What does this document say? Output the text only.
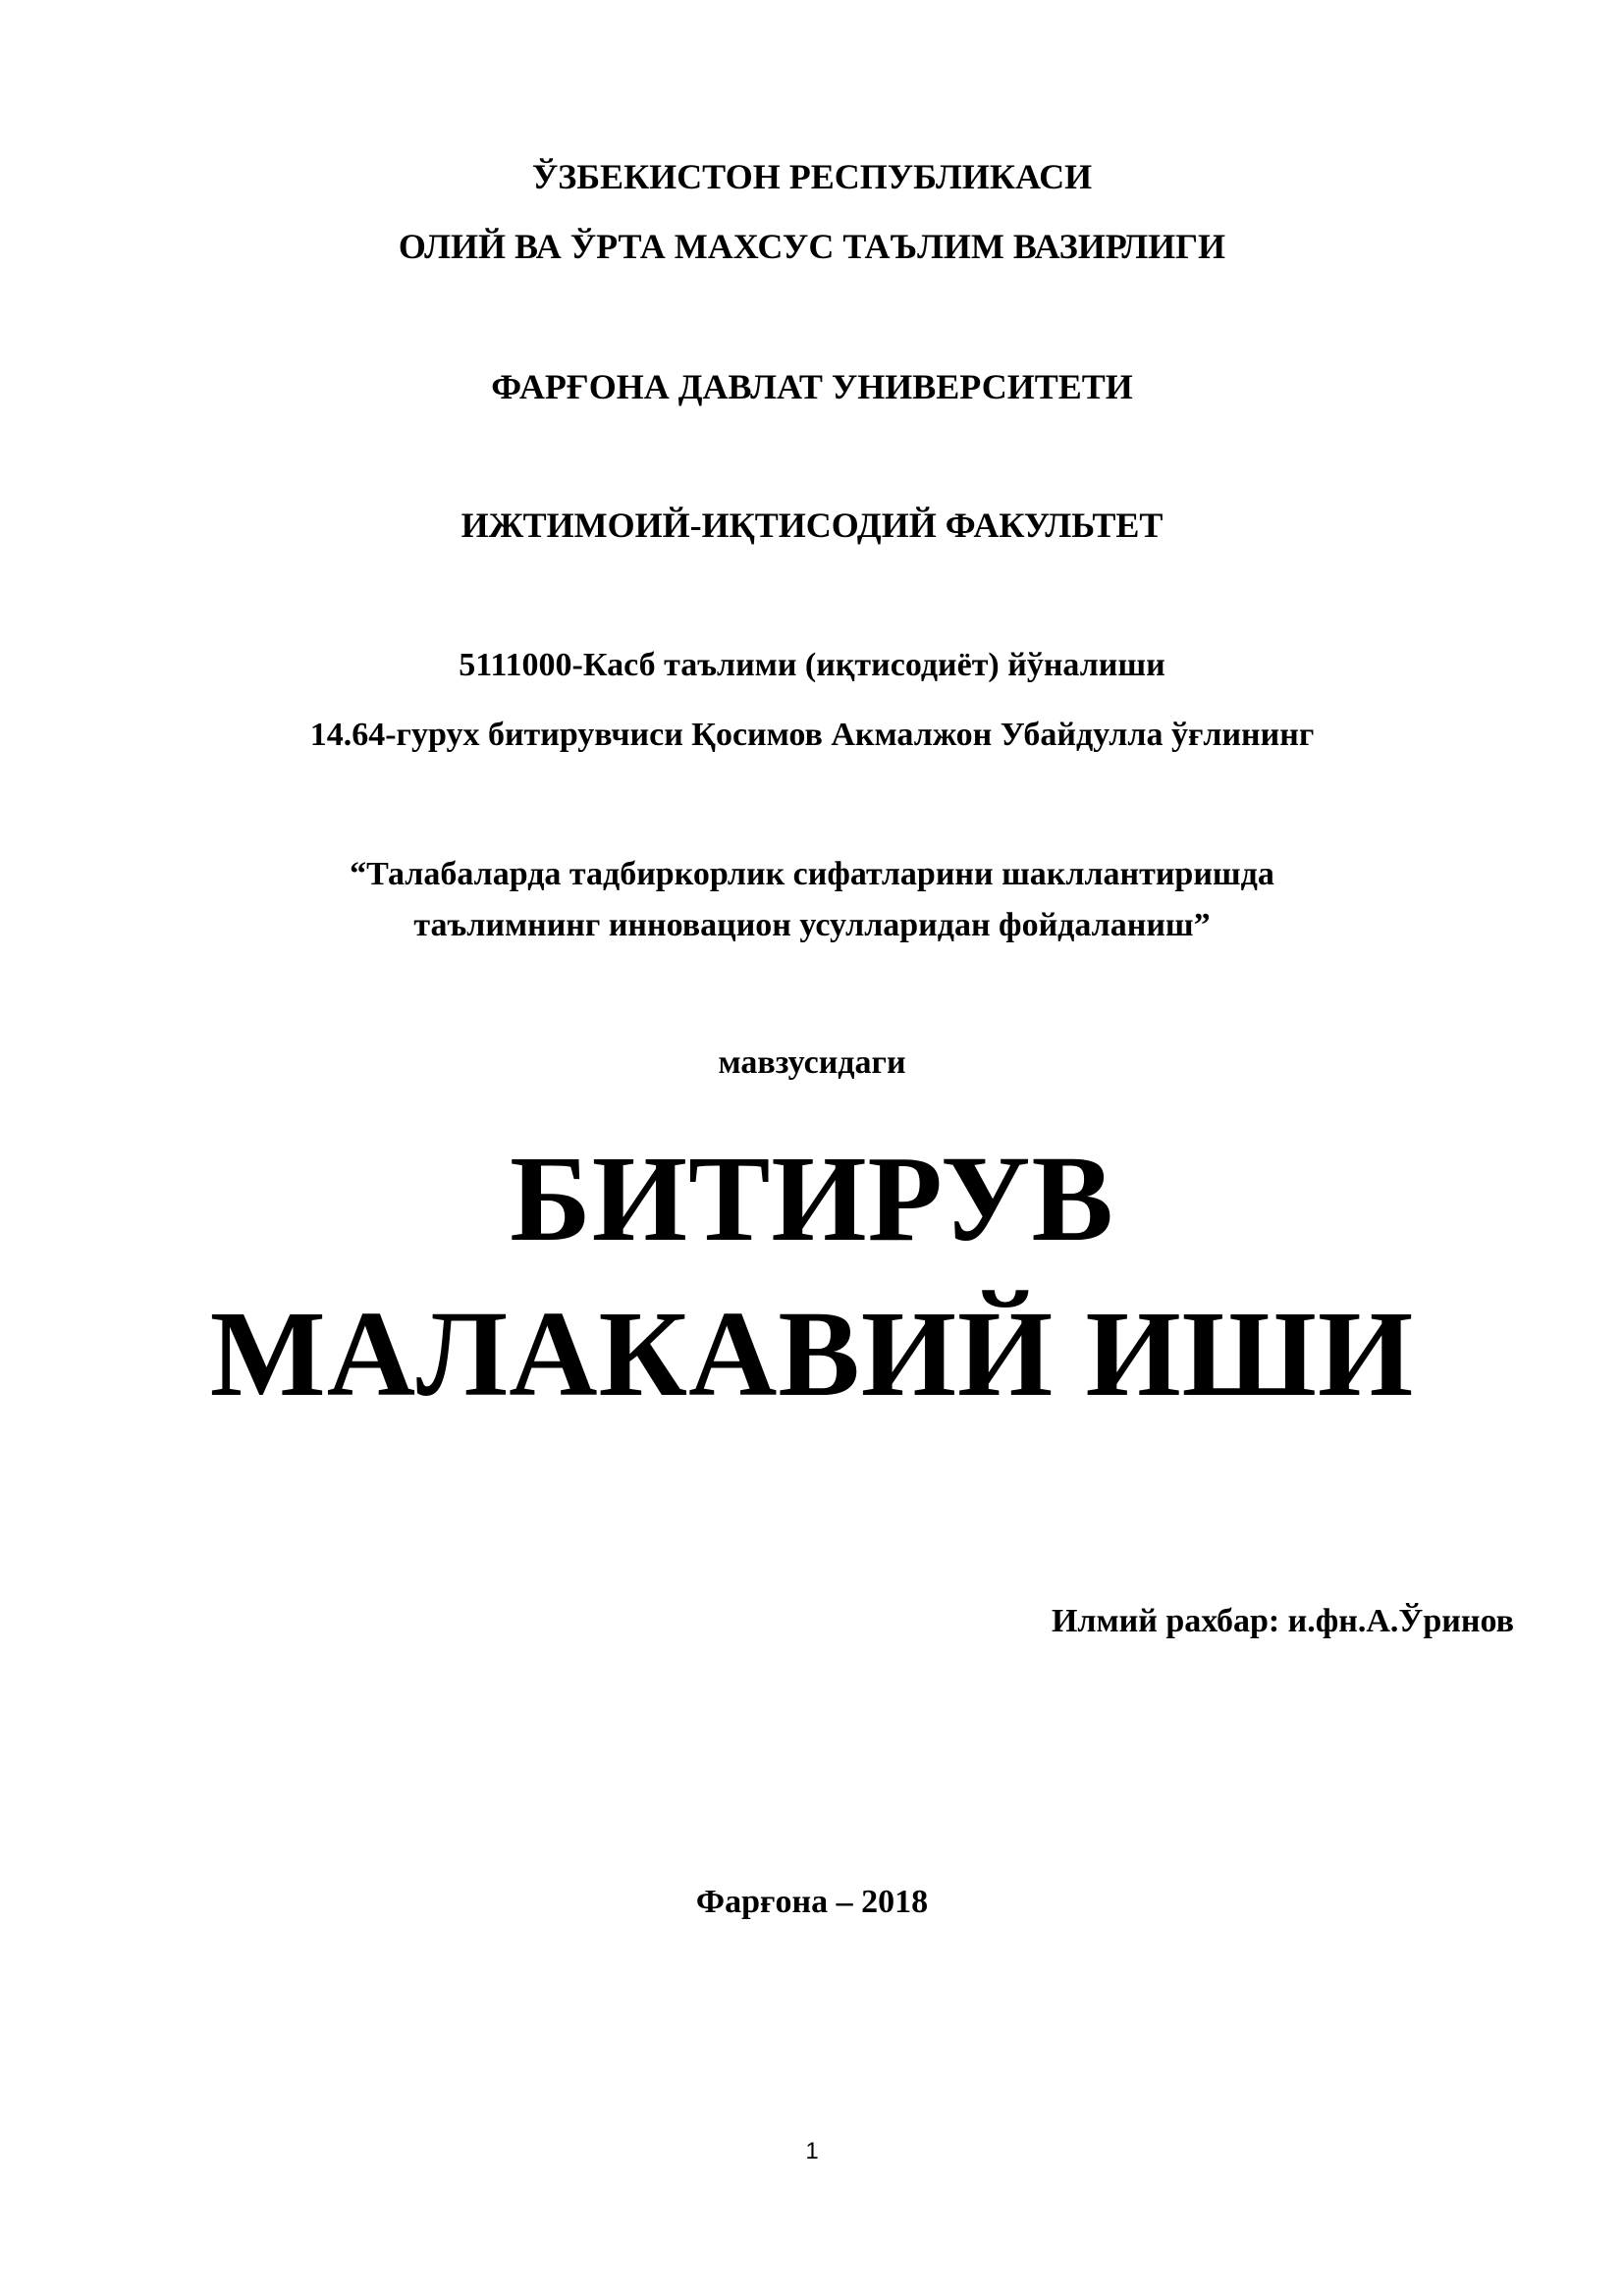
ЎЗБЕКИСТОН РЕСПУБЛИКАСИ
ОЛИЙ ВА ЎРТА МАХСУС ТАЪЛИМ ВАЗИРЛИГИ
ФАРҒОНА ДАВЛАТ УНИВЕРСИТЕТИ
ИЖТИМОИЙ-ИҚТИСОДИЙ ФАКУЛЬТЕТ
5111000-Касб таълими (иқтисодиёт) йўналиши
14.64-гурух битирувчиси Қосимов Акмалжон Убайдулла ўғлининг
“Талабаларда тадбиркорлик сифатларини шакллантиришда
таълимнинг инновацион усулларидан фойдаланиш”
мавзусидаги
БИТИРУВ
МАЛАКАВИЙ ИШИ
Илмий рахбар: и.фн.А.Ўринов
Фарғона – 2018
1
